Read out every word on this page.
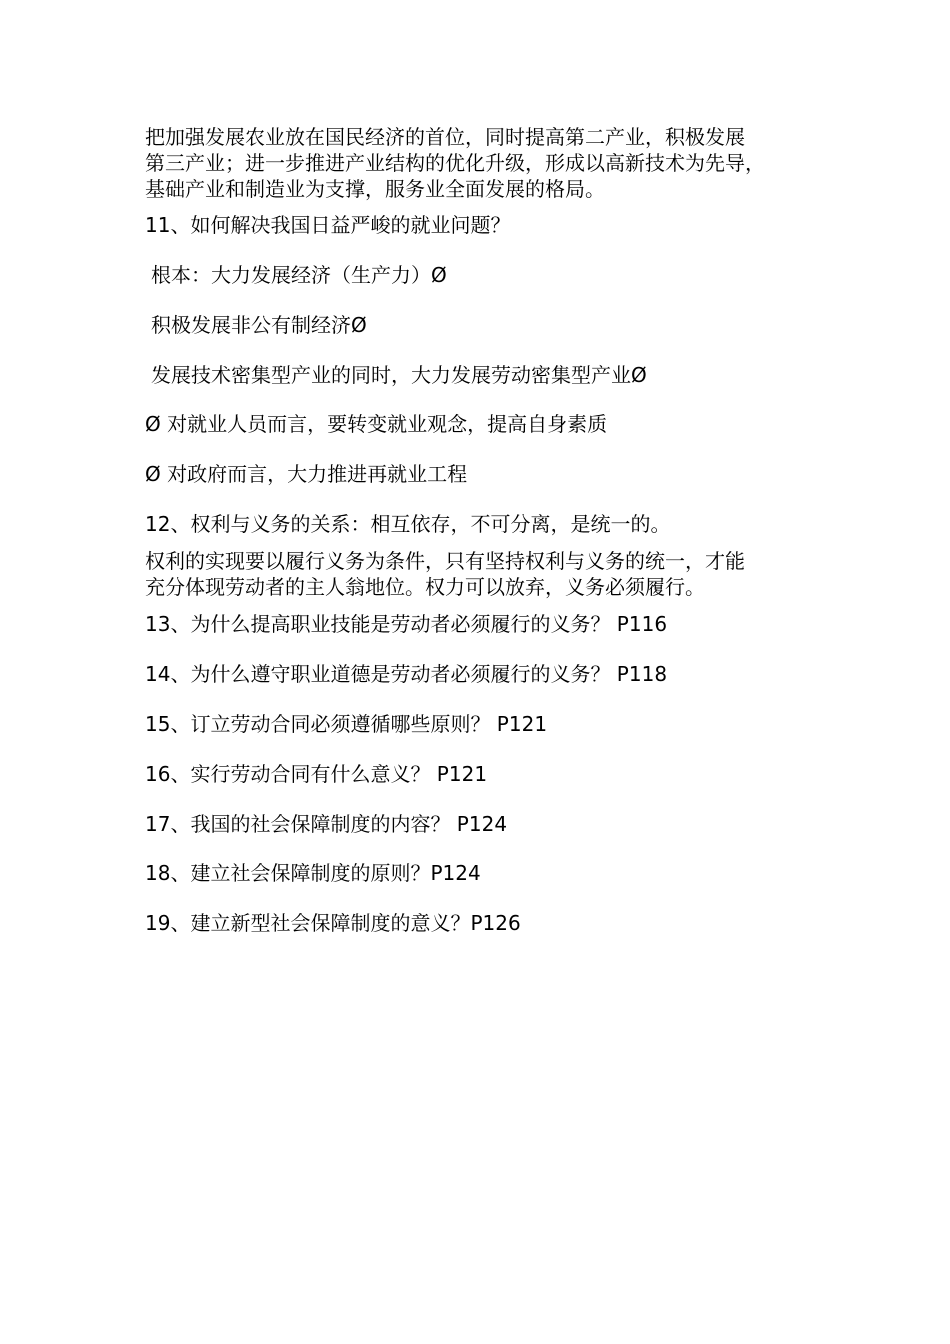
把加强发展农业放在国民经济的首位，同时提高第二产业，积极发展
第三产业；进一步推进产业结构的优化升级，形成以高新技术为先导，
基础产业和制造业为支撑，服务业全面发展的格局。
11、如何解决我国日益严峻的就业问题？
根本：大力发展经济（生产力）Ø
积极发展非公有制经济Ø
发展技术密集型产业的同时，大力发展劳动密集型产业Ø
Ø 对就业人员而言，要转变就业观念，提高自身素质
Ø 对政府而言，大力推进再就业工程
12、权利与义务的关系：相互依存，不可分离，是统一的。
权利的实现要以履行义务为条件，只有坚持权利与义务的统一，才能
充分体现劳动者的主人翁地位。权力可以放弃，义务必须履行。
13、为什么提高职业技能是劳动者必须履行的义务？ P116
14、为什么遵守职业道德是劳动者必须履行的义务？ P118
15、订立劳动合同必须遵循哪些原则？ P121
16、实行劳动合同有什么意义？ P121
17、我国的社会保障制度的内容？ P124
18、建立社会保障制度的原则？P124
19、建立新型社会保障制度的意义？P126
